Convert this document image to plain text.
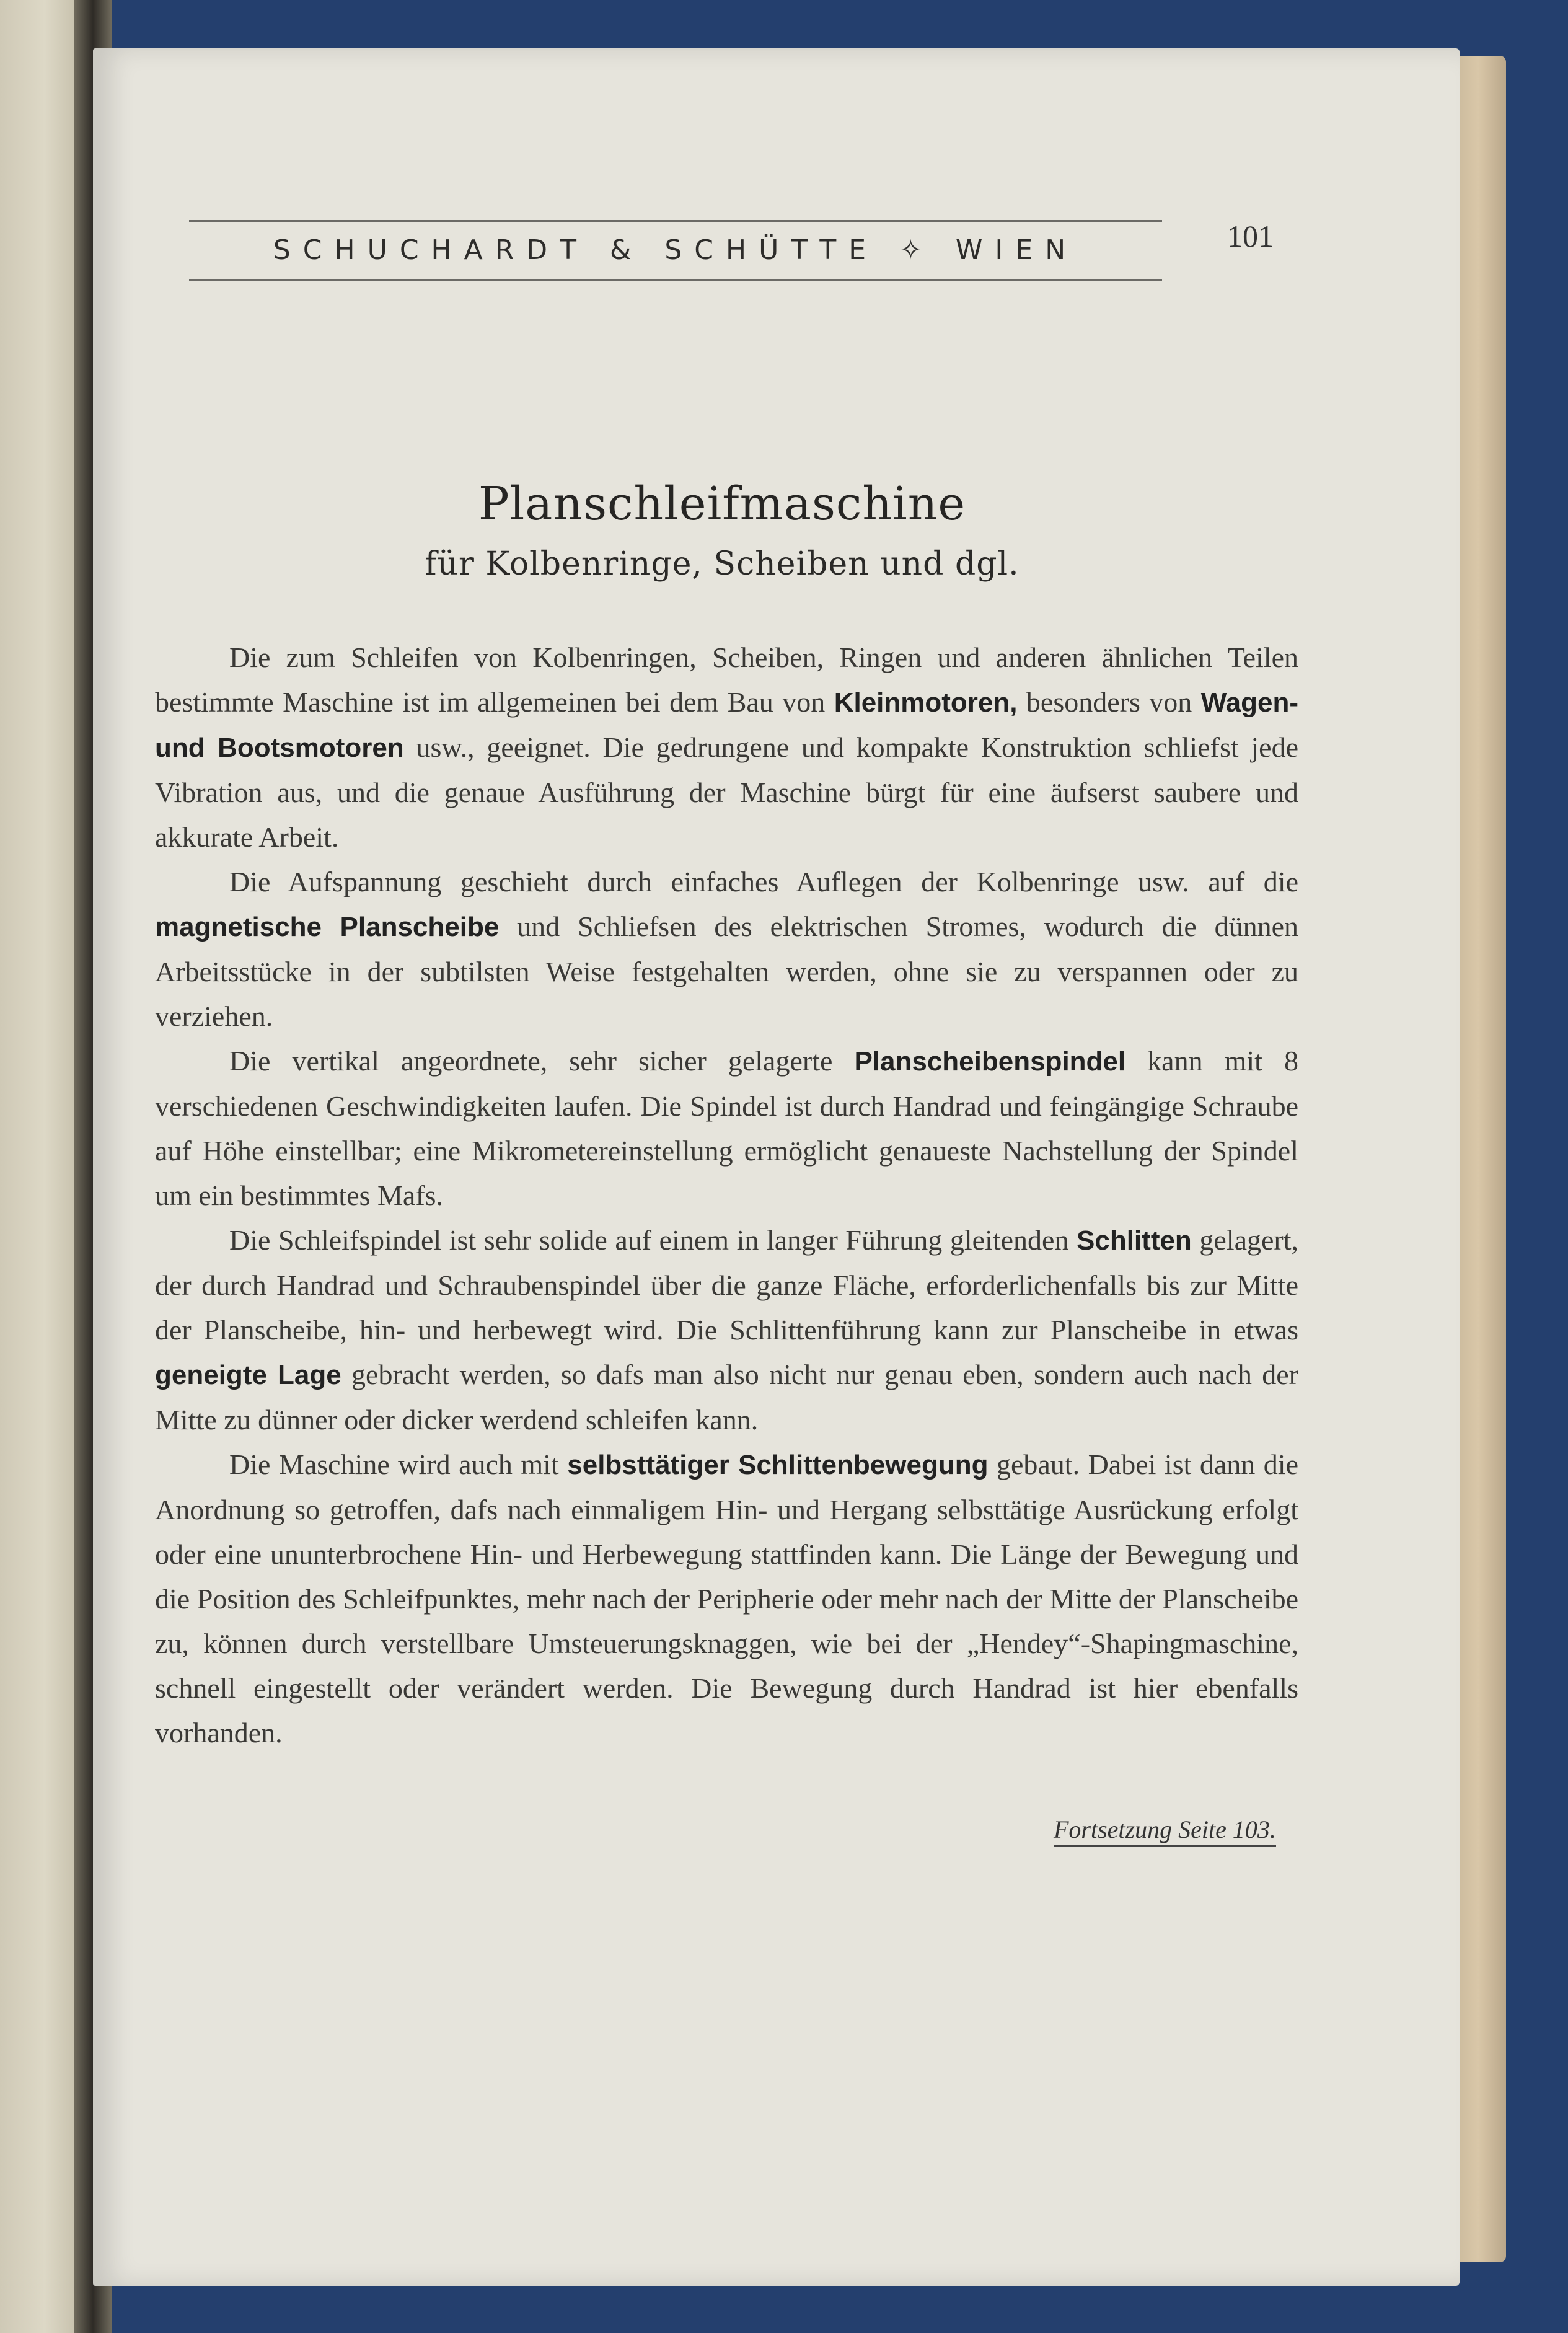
SCHUCHARDT & SCHÜTTE ✧ WIEN	101
Planschleifmaschine
für Kolbenringe, Scheiben und dgl.

Die zum Schleifen von Kolbenringen, Scheiben, Ringen und anderen ähnlichen Teilen bestimmte Maschine ist im allgemeinen bei dem Bau von Kleinmotoren, besonders von Wagen- und Bootsmotoren usw., geeignet. Die gedrungene und kompakte Konstruktion schliefst jede Vibration aus, und die genaue Ausführung der Maschine bürgt für eine äufserst saubere und akkurate Arbeit.

Die Aufspannung geschieht durch einfaches Auflegen der Kolbenringe usw. auf die magnetische Planscheibe und Schliefsen des elektrischen Stromes, wodurch die dünnen Arbeitsstücke in der subtilsten Weise festgehalten werden, ohne sie zu verspannen oder zu verziehen.

Die vertikal angeordnete, sehr sicher gelagerte Planscheibenspindel kann mit 8 verschiedenen Geschwindigkeiten laufen. Die Spindel ist durch Handrad und feingängige Schraube auf Höhe einstellbar; eine Mikrometereinstellung ermöglicht genaueste Nachstellung der Spindel um ein bestimmtes Mafs.

Die Schleifspindel ist sehr solide auf einem in langer Führung gleitenden Schlitten gelagert, der durch Handrad und Schraubenspindel über die ganze Fläche, erforderlichenfalls bis zur Mitte der Planscheibe, hin- und herbewegt wird. Die Schlittenführung kann zur Planscheibe in etwas geneigte Lage gebracht werden, so dafs man also nicht nur genau eben, sondern auch nach der Mitte zu dünner oder dicker werdend schleifen kann.

Die Maschine wird auch mit selbsttätiger Schlittenbewegung gebaut. Dabei ist dann die Anordnung so getroffen, dafs nach einmaligem Hin- und Hergang selbsttätige Ausrückung erfolgt oder eine ununterbrochene Hin- und Herbewegung stattfinden kann. Die Länge der Bewegung und die Position des Schleifpunktes, mehr nach der Peripherie oder mehr nach der Mitte der Planscheibe zu, können durch verstellbare Umsteuerungsknaggen, wie bei der „Hendey“-Shapingmaschine, schnell eingestellt oder verändert werden. Die Bewegung durch Handrad ist hier ebenfalls vorhanden.

Fortsetzung Seite 103.
